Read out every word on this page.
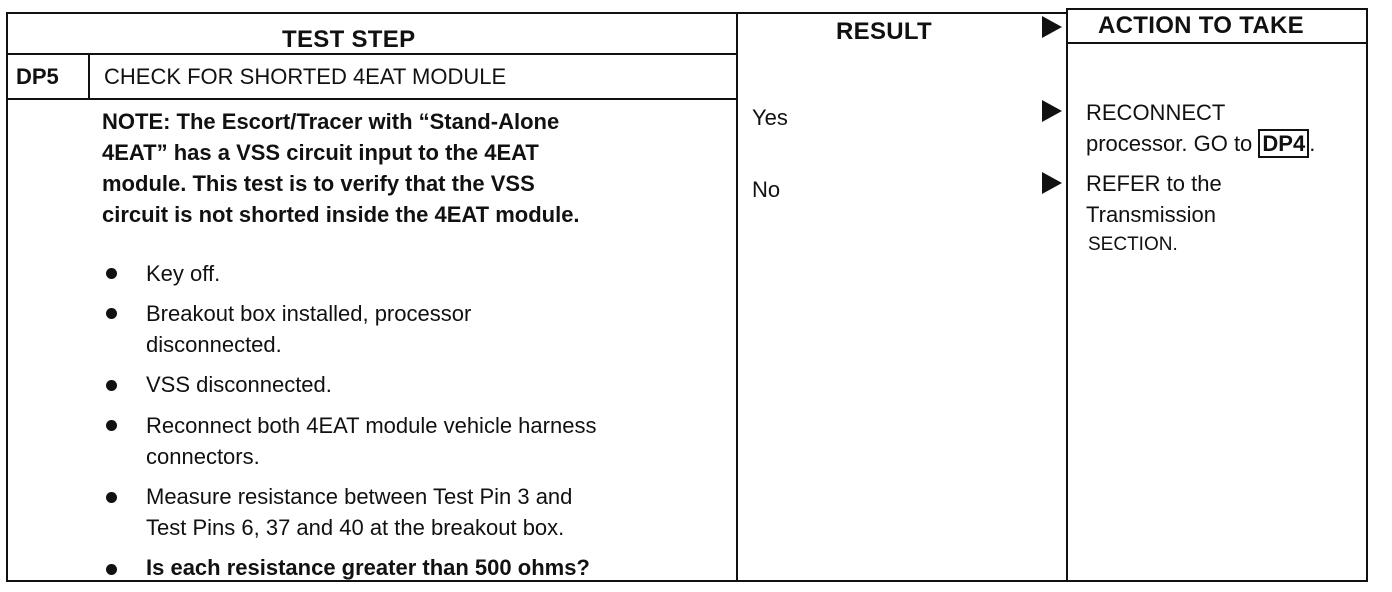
TEST STEP	RESULT	ACTION TO TAKE
DP5 CHECK FOR SHORTED 4EAT MODULE
NOTE: The Escort/Tracer with “Stand-Alone
4EAT” has a VSS circuit input to the 4EAT
module. This test is to verify that the VSS
circuit is not shorted inside the 4EAT module.
Key off.
Breakout box installed, processor
disconnected.
VSS disconnected.
Reconnect both 4EAT module vehicle harness
connectors.
Measure resistance between Test Pin 3 and
Test Pins 6, 37 and 40 at the breakout box.
Is each resistance greater than 500 ohms?
Yes
No
RECONNECT
processor. GO to DP4 .
REFER to the
Transmission
SECTION.
